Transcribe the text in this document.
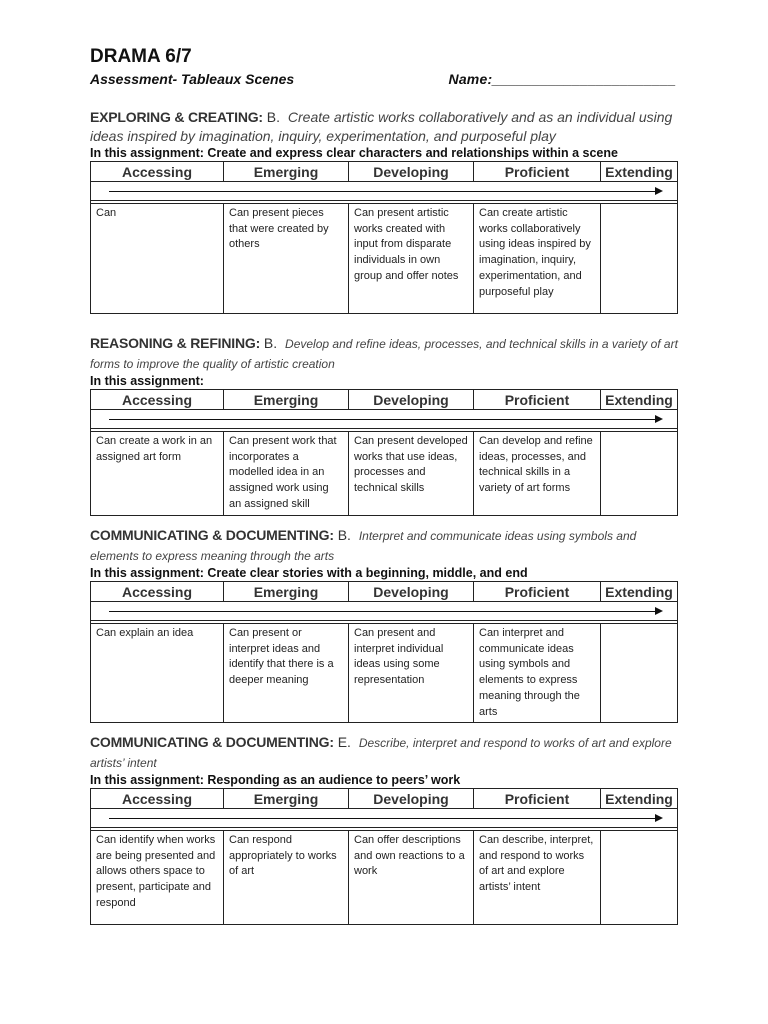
DRAMA 6/7
Assessment- Tableaux Scenes	Name:_______________________

EXPLORING & CREATING: B. Create artistic works collaboratively and as an individual using ideas inspired by imagination, inquiry, experimentation, and purposeful play

In this assignment: Create and express clear characters and relationships within a scene

Accessing	Emerging	Developing	Proficient	Extending

Can	Can present pieces that were created by others	Can present artistic works created with input from disparate individuals in own group and offer notes	Can create artistic works collaboratively using ideas inspired by imagination, inquiry, experimentation, and purposeful play	

REASONING & REFINING: B. Develop and refine ideas, processes, and technical skills in a variety of art forms to improve the quality of artistic creation

In this assignment:

Accessing	Emerging	Developing	Proficient	Extending

Can create a work in an assigned art form	Can present work that incorporates a modelled idea in an assigned work using an assigned skill	Can present developed works that use ideas, processes and technical skills	Can develop and refine ideas, processes, and technical skills in a variety of art forms	

COMMUNICATING & DOCUMENTING: B. Interpret and communicate ideas using symbols and elements to express meaning through the arts

In this assignment: Create clear stories with a beginning, middle, and end

Accessing	Emerging	Developing	Proficient	Extending

Can explain an idea	Can present or interpret ideas and identify that there is a deeper meaning	Can present and interpret individual ideas using some representation	Can interpret and communicate ideas using symbols and elements to express meaning through the arts	

COMMUNICATING & DOCUMENTING: E. Describe, interpret and respond to works of art and explore artists’ intent

In this assignment: Responding as an audience to peers’ work

Accessing	Emerging	Developing	Proficient	Extending

Can identify when works are being presented and allows others space to present, participate and respond	Can respond appropriately to works of art	Can offer descriptions and own reactions to a work	Can describe, interpret, and respond to works of art and explore artists’ intent	
